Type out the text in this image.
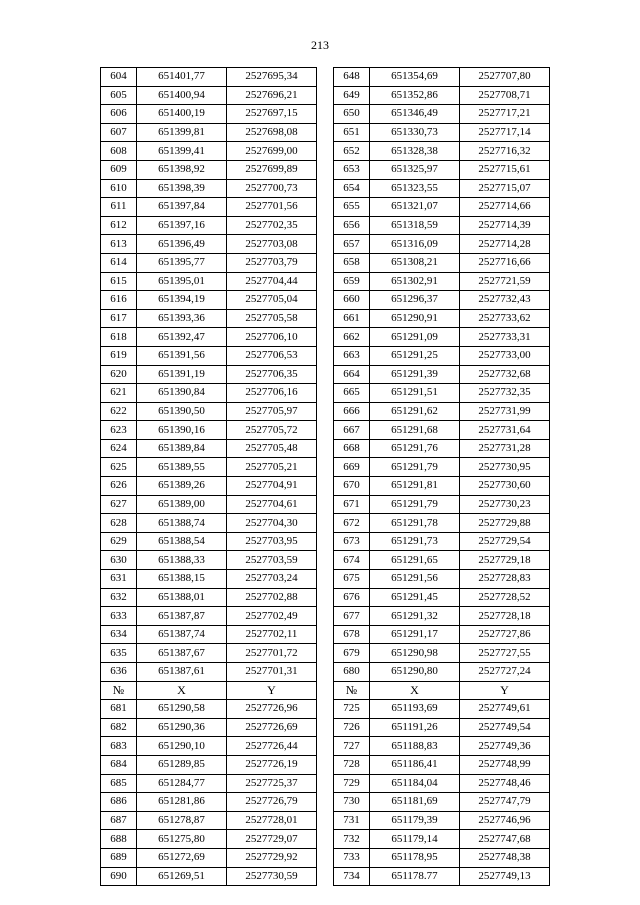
213
604	651401,77	2527695,34
605	651400,94	2527696,21
606	651400,19	2527697,15
607	651399,81	2527698,08
608	651399,41	2527699,00
609	651398,92	2527699,89
610	651398,39	2527700,73
611	651397,84	2527701,56
612	651397,16	2527702,35
613	651396,49	2527703,08
614	651395,77	2527703,79
615	651395,01	2527704,44
616	651394,19	2527705,04
617	651393,36	2527705,58
618	651392,47	2527706,10
619	651391,56	2527706,53
620	651391,19	2527706,35
621	651390,84	2527706,16
622	651390,50	2527705,97
623	651390,16	2527705,72
624	651389,84	2527705,48
625	651389,55	2527705,21
626	651389,26	2527704,91
627	651389,00	2527704,61
628	651388,74	2527704,30
629	651388,54	2527703,95
630	651388,33	2527703,59
631	651388,15	2527703,24
632	651388,01	2527702,88
633	651387,87	2527702,49
634	651387,74	2527702,11
635	651387,67	2527701,72
636	651387,61	2527701,31
№	X	Y
681	651290,58	2527726,96
682	651290,36	2527726,69
683	651290,10	2527726,44
684	651289,85	2527726,19
685	651284,77	2527725,37
686	651281,86	2527726,79
687	651278,87	2527728,01
688	651275,80	2527729,07
689	651272,69	2527729,92
690	651269,51	2527730,59
648	651354,69	2527707,80
649	651352,86	2527708,71
650	651346,49	2527717,21
651	651330,73	2527717,14
652	651328,38	2527716,32
653	651325,97	2527715,61
654	651323,55	2527715,07
655	651321,07	2527714,66
656	651318,59	2527714,39
657	651316,09	2527714,28
658	651308,21	2527716,66
659	651302,91	2527721,59
660	651296,37	2527732,43
661	651290,91	2527733,62
662	651291,09	2527733,31
663	651291,25	2527733,00
664	651291,39	2527732,68
665	651291,51	2527732,35
666	651291,62	2527731,99
667	651291,68	2527731,64
668	651291,76	2527731,28
669	651291,79	2527730,95
670	651291,81	2527730,60
671	651291,79	2527730,23
672	651291,78	2527729,88
673	651291,73	2527729,54
674	651291,65	2527729,18
675	651291,56	2527728,83
676	651291,45	2527728,52
677	651291,32	2527728,18
678	651291,17	2527727,86
679	651290,98	2527727,55
680	651290,80	2527727,24
№	X	Y
725	651193,69	2527749,61
726	651191,26	2527749,54
727	651188,83	2527749,36
728	651186,41	2527748,99
729	651184,04	2527748,46
730	651181,69	2527747,79
731	651179,39	2527746,96
732	651179,14	2527747,68
733	651178,95	2527748,38
734	651178.77	2527749,13
